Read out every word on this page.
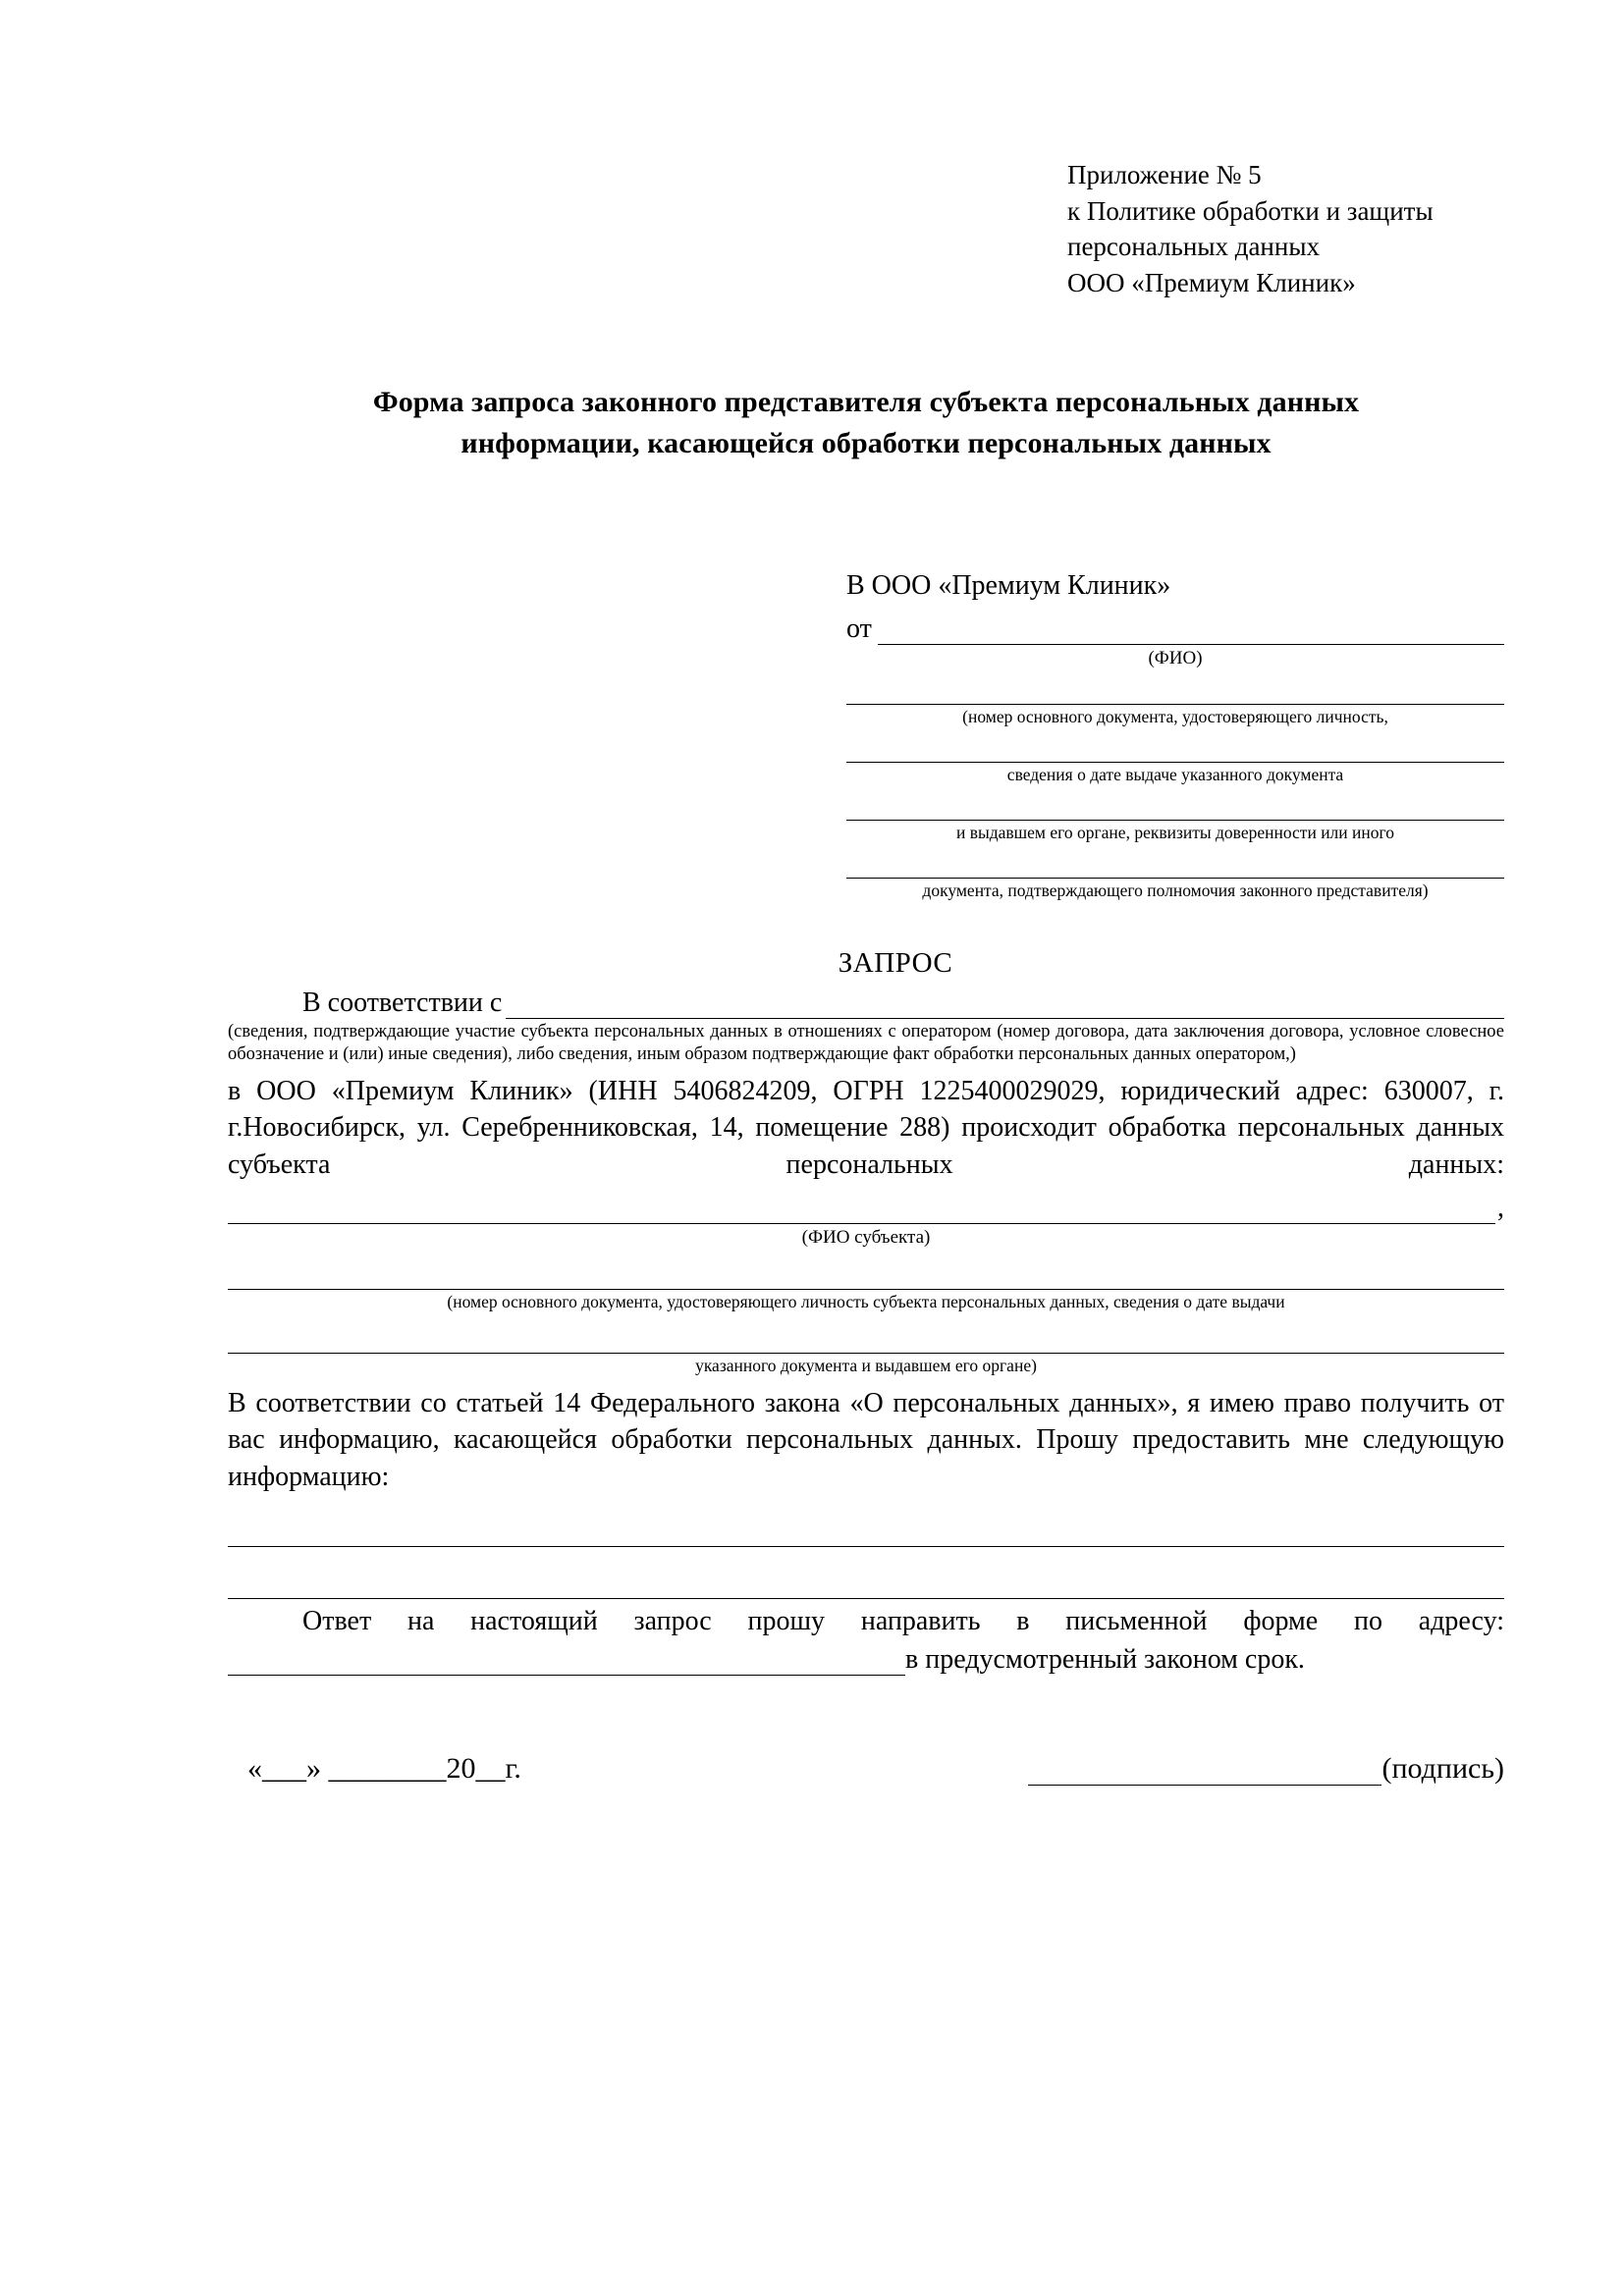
Приложение № 5
к Политике обработки и защиты
персональных данных
ООО «Премиум Клиник»
Форма запроса законного представителя субъекта персональных данных
информации, касающейся обработки персональных данных
В ООО «Премиум Клиник»
от
(ФИО)
(номер основного документа, удостоверяющего личность,
сведения о дате выдаче указанного документа
и выдавшем его органе, реквизиты доверенности или иного
документа, подтверждающего полномочия законного представителя)
ЗАПРОС
В соответствии с
(сведения, подтверждающие участие субъекта персональных данных в отношениях с оператором (номер договора, дата заключения договора, условное словесное обозначение и (или) иные сведения), либо сведения, иным образом подтверждающие факт обработки персональных данных оператором,)
в ООО «Премиум Клиник» (ИНН 5406824209, ОГРН 1225400029029, юридический адрес: 630007, г. г.Новосибирск, ул. Серебренниковская, 14, помещение 288) происходит обработка персональных данных субъекта персональных данных:
,
(ФИО субъекта)
(номер основного документа, удостоверяющего личность субъекта персональных данных, сведения о дате выдачи
указанного документа и выдавшем его органе)
В соответствии со статьей 14 Федерального закона «О персональных данных», я имею право получить от вас информацию, касающейся обработки персональных данных. Прошу предоставить мне следующую информацию:
Ответ на настоящий запрос прошу направить в письменной форме по адресу:
в предусмотренный законом срок.
«___» ________20__г.	(подпись)
